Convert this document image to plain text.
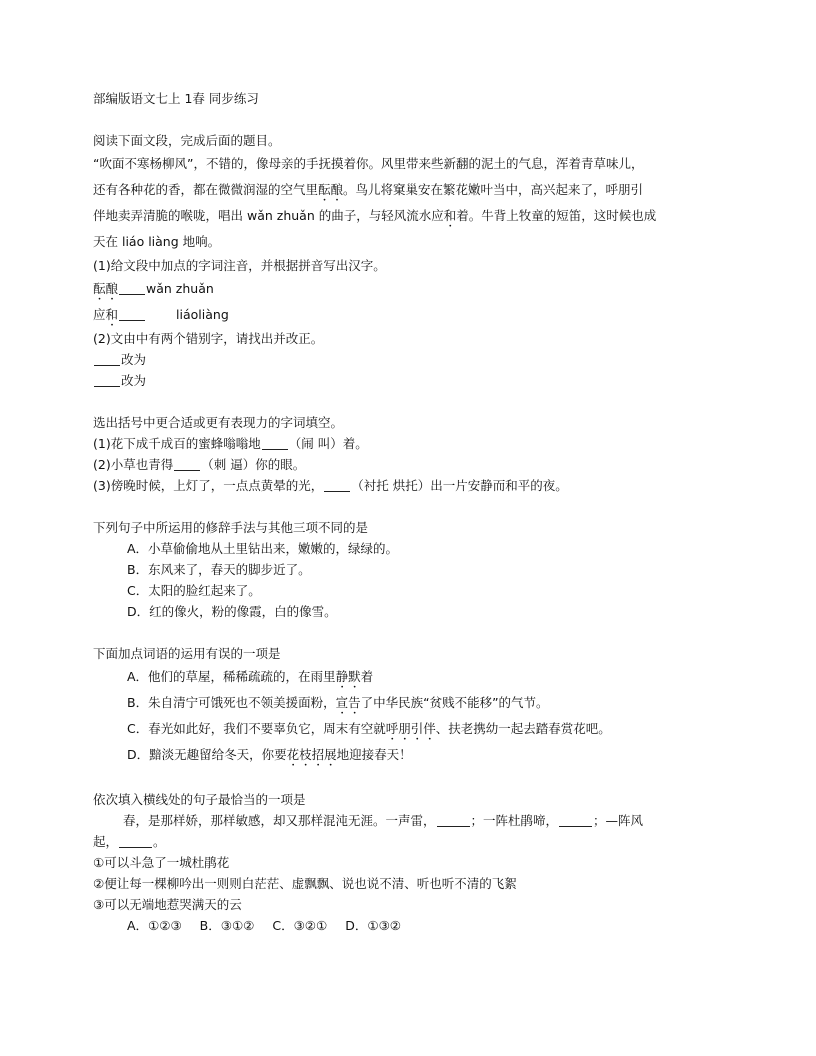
部编版语文七上 1春 同步练习
阅读下面文段，完成后面的题目。
“吹面不寒杨柳风”，不错的，像母亲的手抚摸着你。风里带来些新翻的泥土的气息，浑着青草味儿，
还有各种花的香，都在微微润湿的空气里酝酿。鸟儿将窠巢安在繁花嫩叶当中，高兴起来了，呼朋引
伴地卖弄清脆的喉咙，唱出 wǎn zhuǎn 的曲子，与轻风流水应和着。牛背上牧童的短笛，这时候也成
天在 liáo liàng 地响。
(1)给文段中加点的字词注音，并根据拼音写出汉字。
酝酿 wǎn zhuǎn
应和	liáoliàng
(2)文由中有两个错别字，请找出并改正。
改为
改为
选出括号中更合适或更有表现力的字词填空。
(1)花下成千成百的蜜蜂嗡嗡地 （闹 叫）着。
(2)小草也青得 （刺 逼）你的眼。
(3)傍晚时候，上灯了，一点点黄晕的光， （衬托 烘托）出一片安静而和平的夜。
下列句子中所运用的修辞手法与其他三项不同的是
A．小草偷偷地从土里钻出来，嫩嫩的，绿绿的。
B．东风来了，春天的脚步近了。
C．太阳的脸红起来了。
D．红的像火，粉的像霞，白的像雪。
下面加点词语的运用有误的一项是
A．他们的草屋，稀稀疏疏的，在雨里静默着
B．朱自清宁可饿死也不领美援面粉，宣告了中华民族“贫贱不能移”的气节。
C．春光如此好，我们不要辜负它，周末有空就呼朋引伴、扶老携幼一起去踏春赏花吧。
D．黯淡无趣留给冬天，你要花枝招展地迎接春天！
依次填入横线处的句子最恰当的一项是
春，是那样娇，那样敏感，却又那样混沌无涯。一声雷，	；一阵杜鹃啼，	；—阵风
起，	。
①可以斗急了一城杜鹃花
②便让每一棵柳吟出一则则白茫茫、虚飘飘、说也说不清、听也听不清的飞絮
③可以无端地惹哭满天的云
A．①②③ B．③①② C．③②① D．①③②
